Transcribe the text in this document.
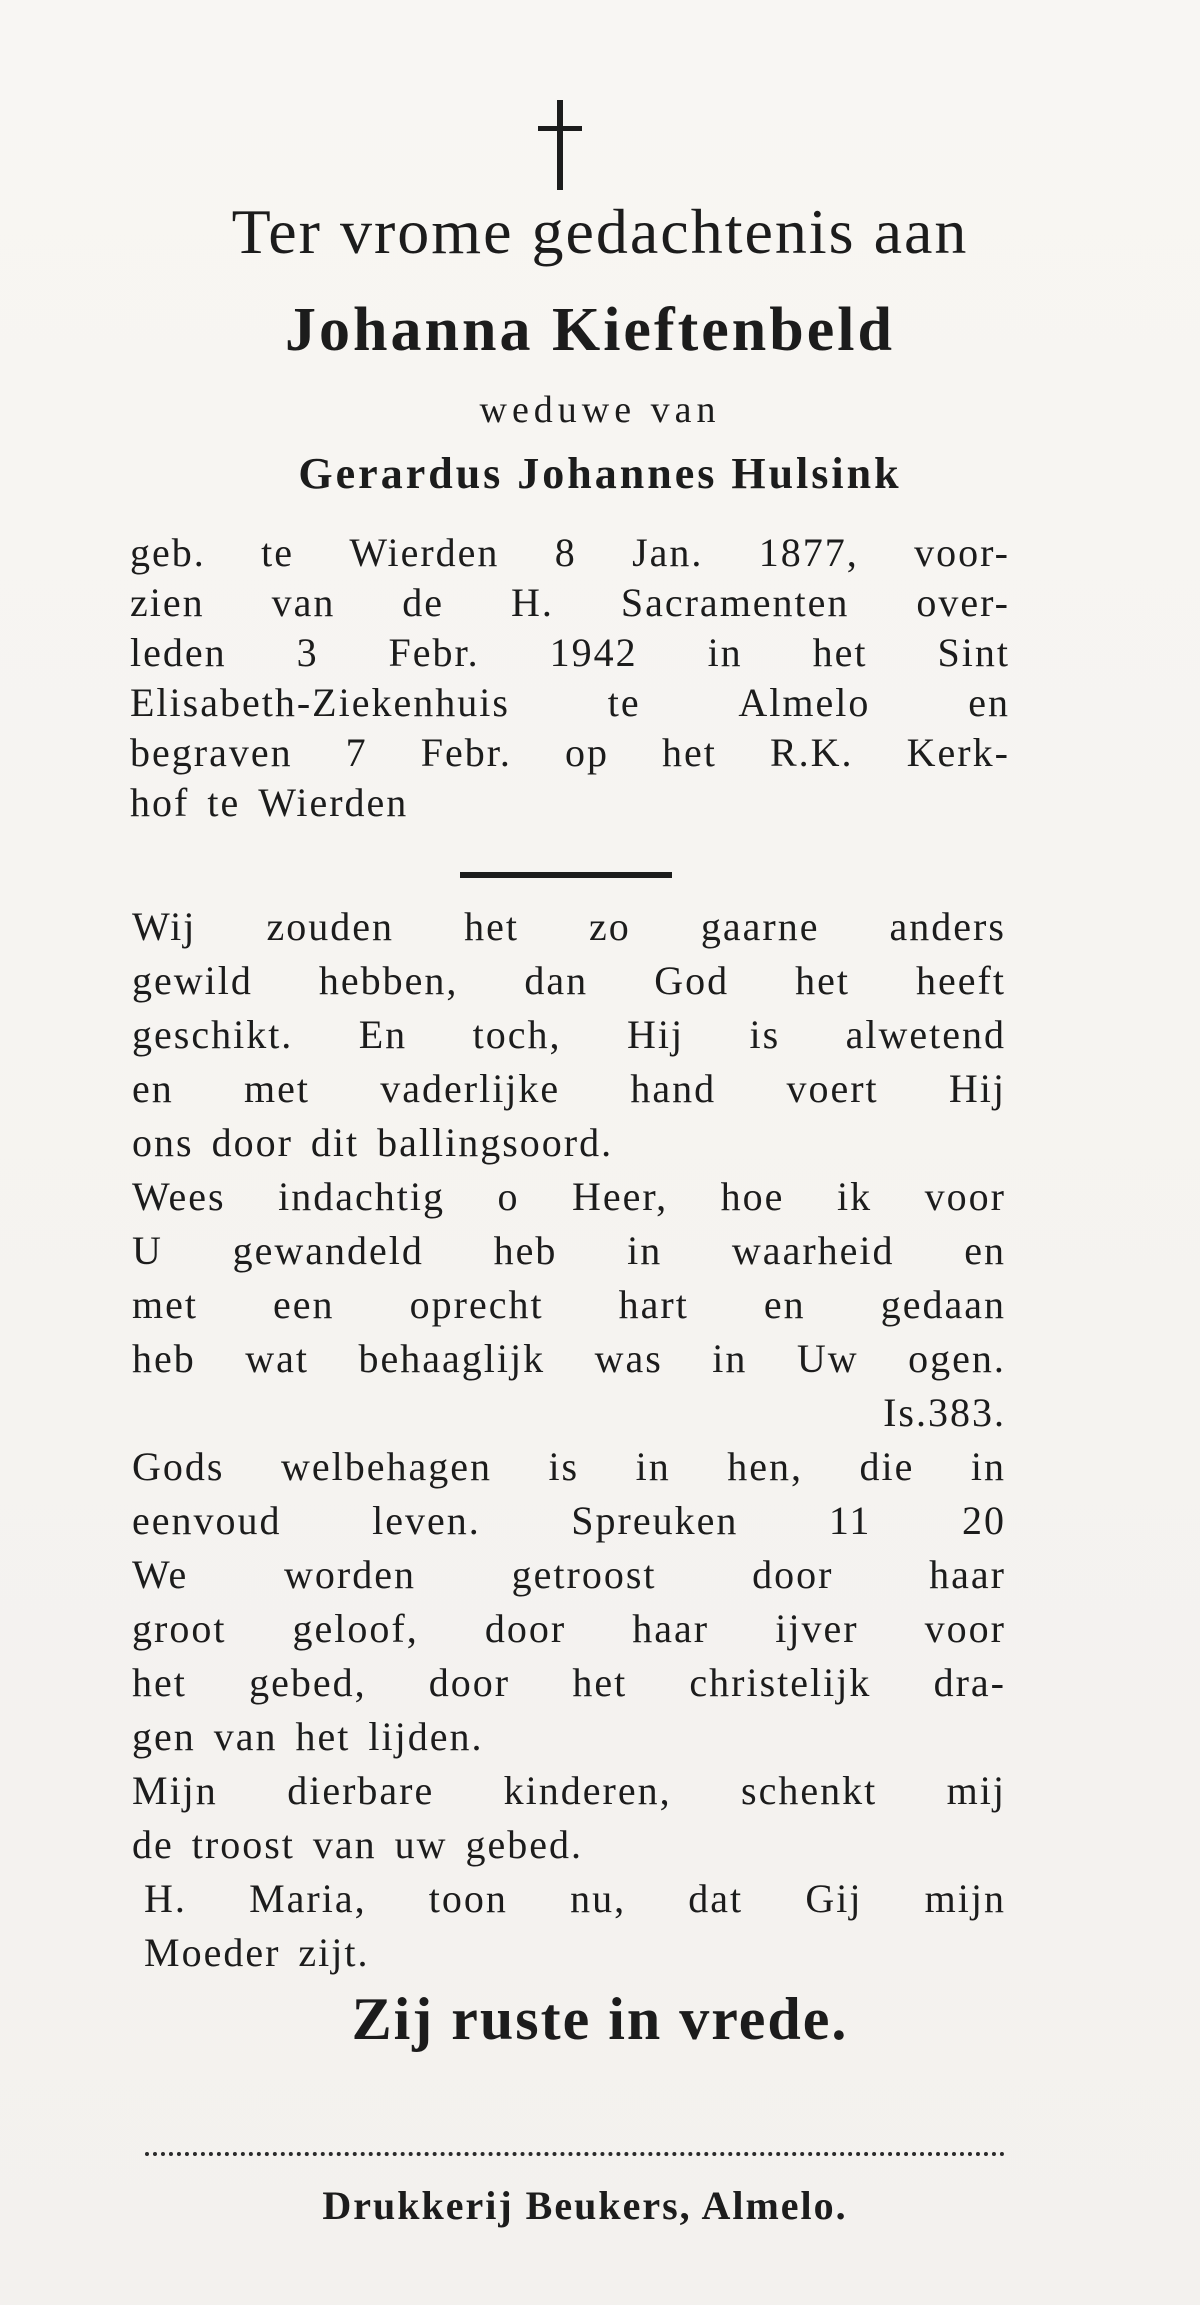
Ter vrome gedachtenis aan
Johanna Kieftenbeld
weduwe van
Gerardus Johannes Hulsink
geb. te Wierden 8 Jan. 1877, voor-
zien van de H. Sacramenten over-
leden 3 Febr. 1942 in het Sint
Elisabeth-Ziekenhuis te Almelo en
begraven 7 Febr. op het R.K. Kerk-
hof te Wierden
Wij zouden het zo gaarne anders
gewild hebben, dan God het heeft
geschikt. En toch, Hij is alwetend
en met vaderlijke hand voert Hij
ons door dit ballingsoord.
Wees indachtig o Heer, hoe ik voor
U gewandeld heb in waarheid en
met een oprecht hart en gedaan
heb wat behaaglijk was in Uw ogen.
Is. 38 3.
Gods welbehagen is in hen, die in
eenvoud leven. Spreuken 11 20
We worden getroost door haar
groot geloof, door haar ijver voor
het gebed, door het christelijk dra-
gen van het lijden.
Mijn dierbare kinderen, schenkt mij
de troost van uw gebed.
H. Maria, toon nu, dat Gij mijn
Moeder zijt.
Zij ruste in vrede.
Drukkerij Beukers, Almelo.
